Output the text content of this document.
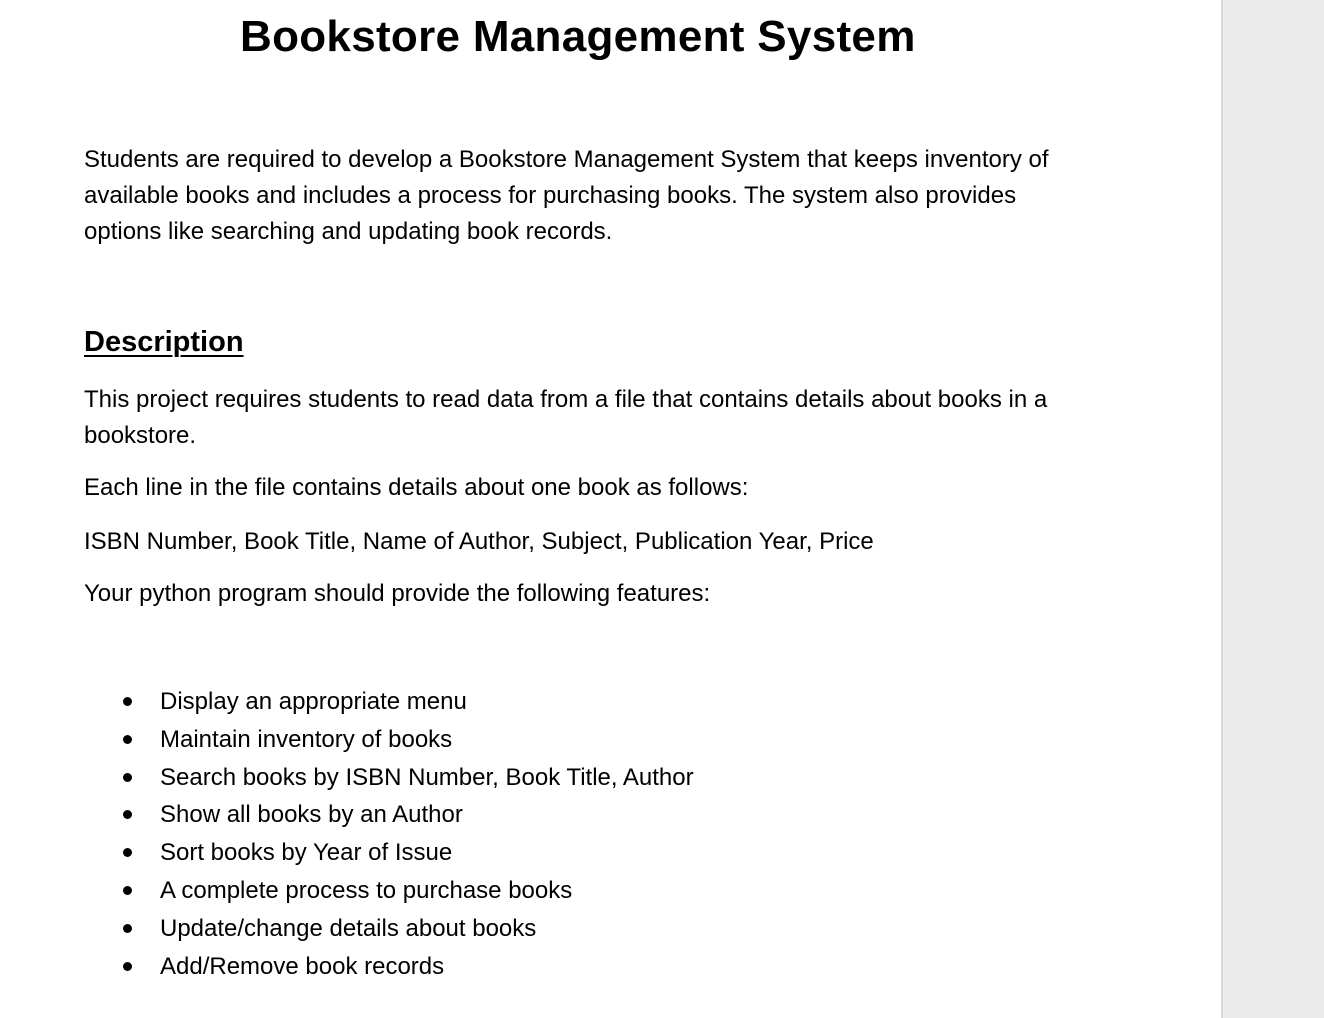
Bookstore Management System

Students are required to develop a Bookstore Management System that keeps inventory of available books and includes a process for purchasing books. The system also provides options like searching and updating book records.

Description

This project requires students to read data from a file that contains details about books in a bookstore.

Each line in the file contains details about one book as follows:

ISBN Number, Book Title, Name of Author, Subject, Publication Year, Price

Your python program should provide the following features:

Display an appropriate menu
Maintain inventory of books
Search books by ISBN Number, Book Title, Author
Show all books by an Author
Sort books by Year of Issue
A complete process to purchase books
Update/change details about books
Add/Remove book records
